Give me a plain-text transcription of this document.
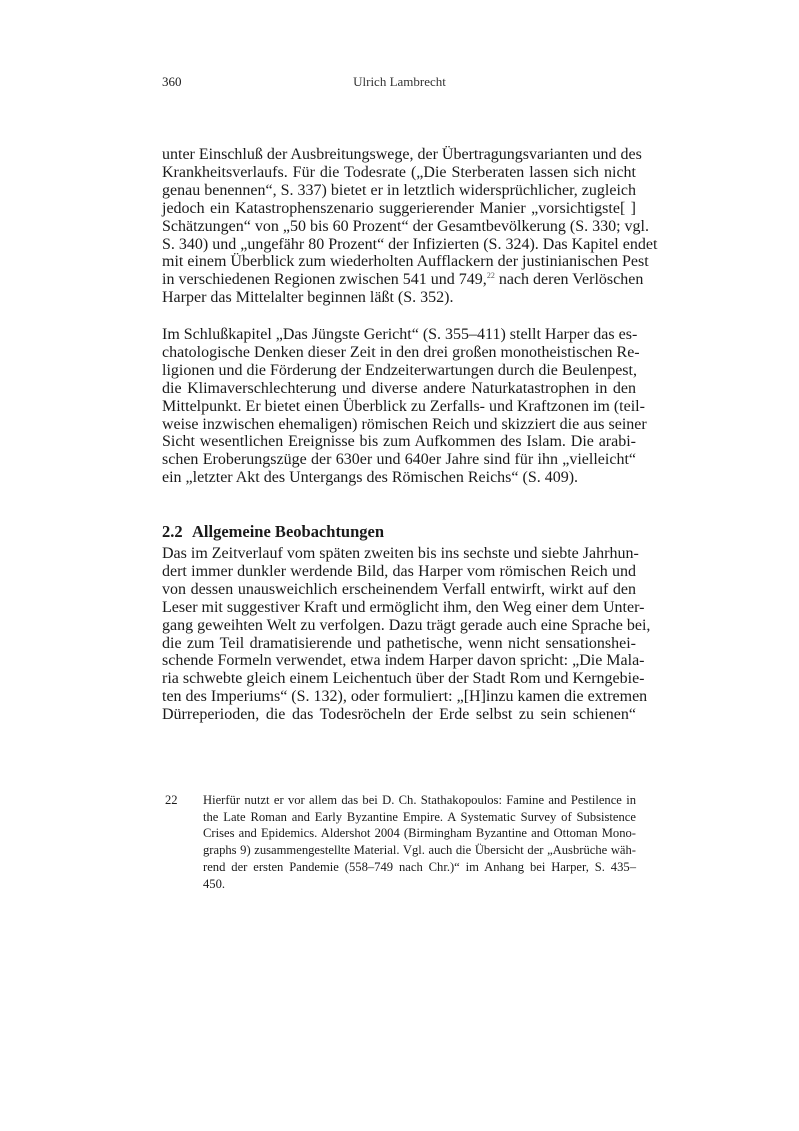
360	Ulrich Lambrecht
unter Einschluß der Ausbreitungswege, der Übertragungsvarianten und des
Krankheitsverlaufs. Für die Todesrate („Die Sterberaten lassen sich nicht
genau benennen“, S. 337) bietet er in letztlich widersprüchlicher, zugleich
jedoch ein Katastrophenszenario suggerierender Manier „vorsichtigste[ ]
Schätzungen“ von „50 bis 60 Prozent“ der Gesamtbevölkerung (S. 330; vgl.
S. 340) und „ungefähr 80 Prozent“ der Infizierten (S. 324). Das Kapitel endet
mit einem Überblick zum wiederholten Aufflackern der justinianischen Pest
in verschiedenen Regionen zwischen 541 und 749,22 nach deren Verlöschen
Harper das Mittelalter beginnen läßt (S. 352).
Im Schlußkapitel „Das Jüngste Gericht“ (S. 355–411) stellt Harper das es-
chatologische Denken dieser Zeit in den drei großen monotheistischen Re-
ligionen und die Förderung der Endzeiterwartungen durch die Beulenpest,
die Klimaverschlechterung und diverse andere Naturkatastrophen in den
Mittelpunkt. Er bietet einen Überblick zu Zerfalls- und Kraftzonen im (teil-
weise inzwischen ehemaligen) römischen Reich und skizziert die aus seiner
Sicht wesentlichen Ereignisse bis zum Aufkommen des Islam. Die arabi-
schen Eroberungszüge der 630er und 640er Jahre sind für ihn „vielleicht“
ein „letzter Akt des Untergangs des Römischen Reichs“ (S. 409).
2.2 Allgemeine Beobachtungen
Das im Zeitverlauf vom späten zweiten bis ins sechste und siebte Jahrhun-
dert immer dunkler werdende Bild, das Harper vom römischen Reich und
von dessen unausweichlich erscheinendem Verfall entwirft, wirkt auf den
Leser mit suggestiver Kraft und ermöglicht ihm, den Weg einer dem Unter-
gang geweihten Welt zu verfolgen. Dazu trägt gerade auch eine Sprache bei,
die zum Teil dramatisierende und pathetische, wenn nicht sensationshei-
schende Formeln verwendet, etwa indem Harper davon spricht: „Die Mala-
ria schwebte gleich einem Leichentuch über der Stadt Rom und Kerngebie-
ten des Imperiums“ (S. 132), oder formuliert: „[H]inzu kamen die extremen
Dürreperioden, die das Todesröcheln der Erde selbst zu sein schienen“
22 Hierfür nutzt er vor allem das bei D. Ch. Stathakopoulos: Famine and Pestilence in
the Late Roman and Early Byzantine Empire. A Systematic Survey of Subsistence
Crises and Epidemics. Aldershot 2004 (Birmingham Byzantine and Ottoman Mono-
graphs 9) zusammengestellte Material. Vgl. auch die Übersicht der „Ausbrüche wäh-
rend der ersten Pandemie (558–749 nach Chr.)“ im Anhang bei Harper, S. 435–
450.
